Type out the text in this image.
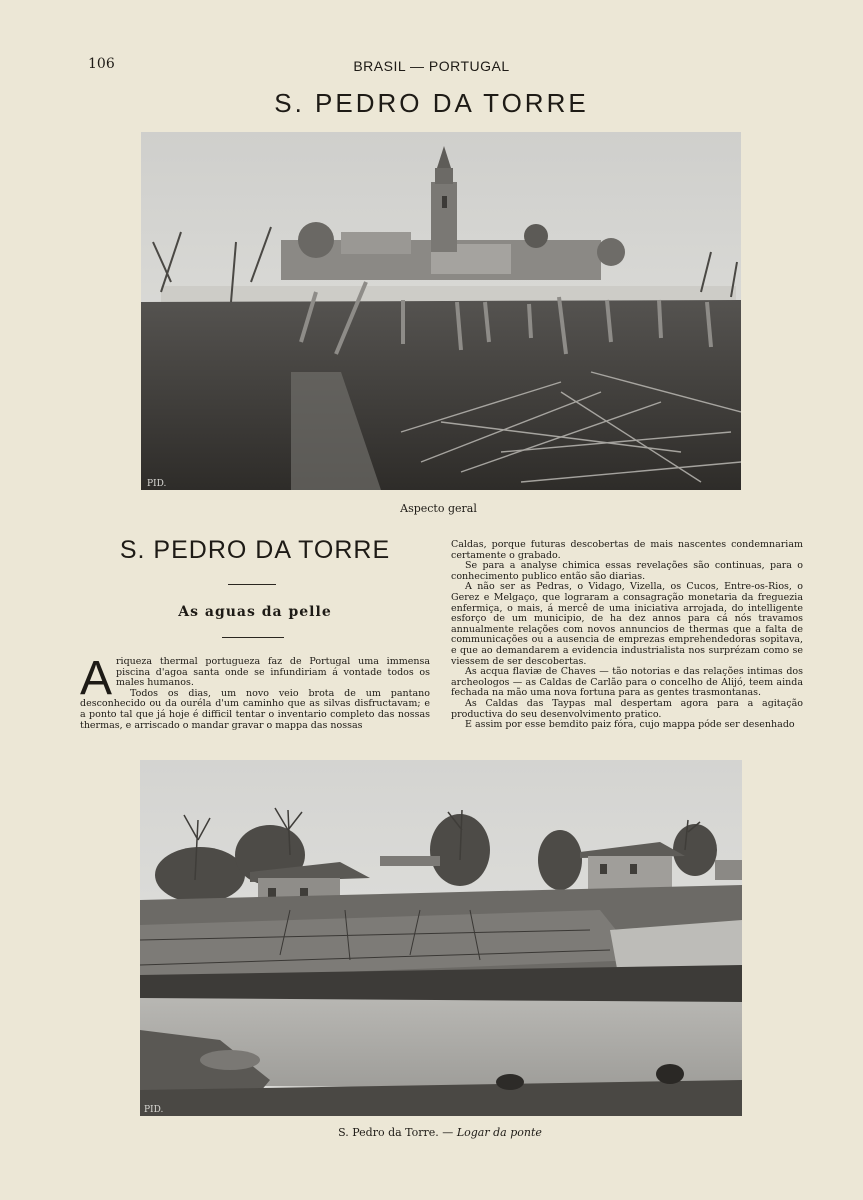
106	BRASIL — PORTUGAL
S. PEDRO DA TORRE
PID.
Aspecto geral
S. PEDRO DA TORRE
As aguas da pelle

A riqueza thermal portugueza faz de Portugal uma immensa piscina d'agoa santa onde se infundiriam á vontade todos os males humanos.

Todos os dias, um novo veio brota de um pantano desconhecido ou da ouréla d'um caminho que as silvas disfructavam; e a ponto tal que já hoje é difficil tentar o inventario completo das nossas thermas, e arriscado o mandar gravar o mappa das nossas

Caldas, porque futuras descobertas de mais nascentes condemnariam certamente o grabado.

Se para a analyse chimica essas revelações são continuas, para o conhecimento publico então são diarias.

A não ser as Pedras, o Vidago, Vizella, os Cucos, Entre-os-Rios, o Gerez e Melgaço, que lograram a consagração monetaria da freguezia enfermiça, o mais, á mercê de uma iniciativa arrojada, do intelligente esforço de um municipio, de ha dez annos para cá nós travamos annualmente relações com novos annuncios de thermas que a falta de communicações ou a ausencia de emprezas emprehendedoras sopitava, e que ao demandarem a evidencia industrialista nos surprézam como se viessem de ser descobertas.

As acqua flaviæ de Chaves — tão notorias e das relações intimas dos archeologos — as Caldas de Carlão para o concelho de Alijó, teem ainda fechada na mão uma nova fortuna para as gentes trasmontanas.

As Caldas das Taypas mal despertam agora para a agitação productiva do seu desenvolvimento pratico.

E assim por esse bemdito paiz fóra, cujo mappa póde ser desenhado

PID.
S. Pedro da Torre. — Logar da ponte
